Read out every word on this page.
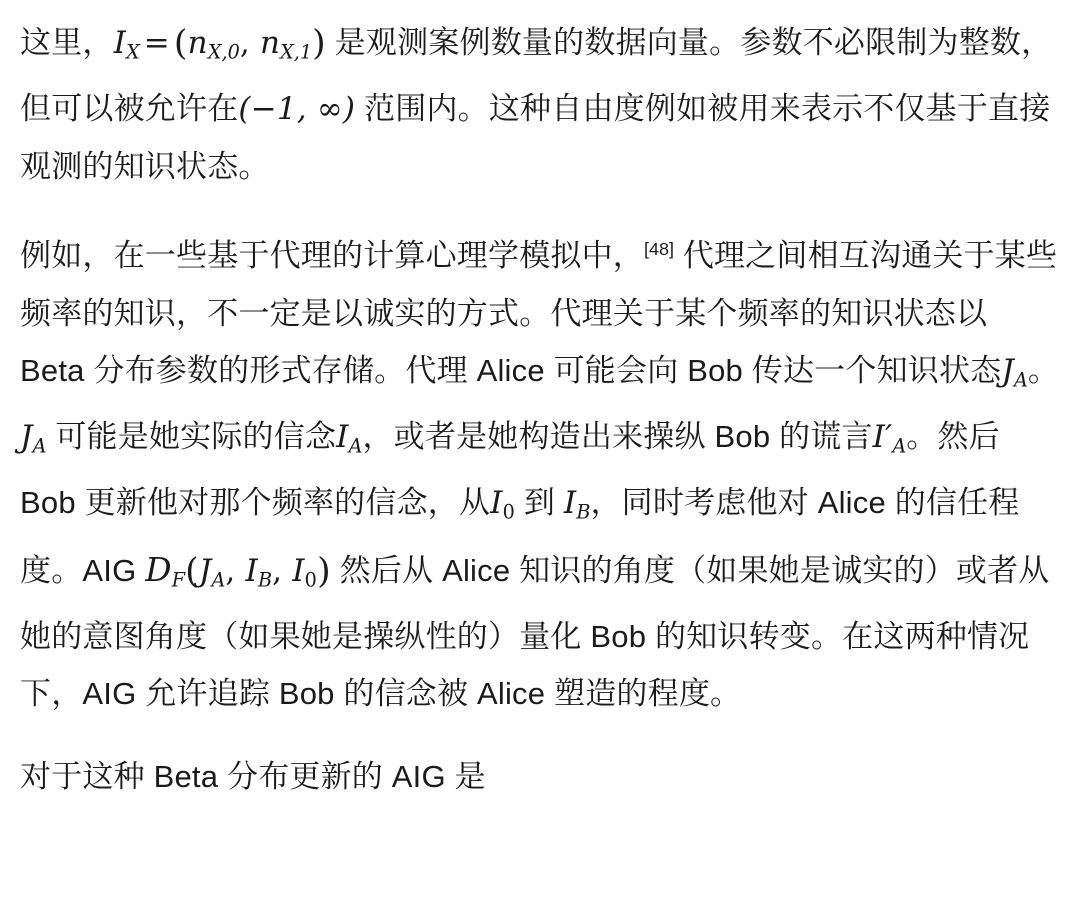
这里，$I_X = (n_{X,0}$, $n_{X,1}$) 是观测案例数量的数据向量。参数不必限制为整数，但可以被允许在(−1, ∞) 范围内。这种自由度例如被用来表示不仅基于直接观测的知识状态。

例如，在一些基于代理的计算心理学模拟中，[48] 代理之间相互沟通关于某些频率的知识，不一定是以诚实的方式。代理关于某个频率的知识状态以 Beta 分布参数的形式存储。代理 Alice 可能会向 Bob 传达一个知识状态$J_A$。$J_A$ 可能是她实际的信念$I_A$，或者是她构造出来操纵 Bob 的谎言$I'_A$。然后 Bob 更新他对那个频率的信念，从$I_0$ 到 $I_B$，同时考虑他对 Alice 的信任程度。AIG $D_F(J_A$, $I_B$, $I_0$) 然后从 Alice 知识的角度（如果她是诚实的）或者从她的意图角度（如果她是操纵性的）量化 Bob 的知识转变。在这两种情况下，AIG 允许追踪 Bob 的信念被 Alice 塑造的程度。

对于这种 Beta 分布更新的 AIG 是
